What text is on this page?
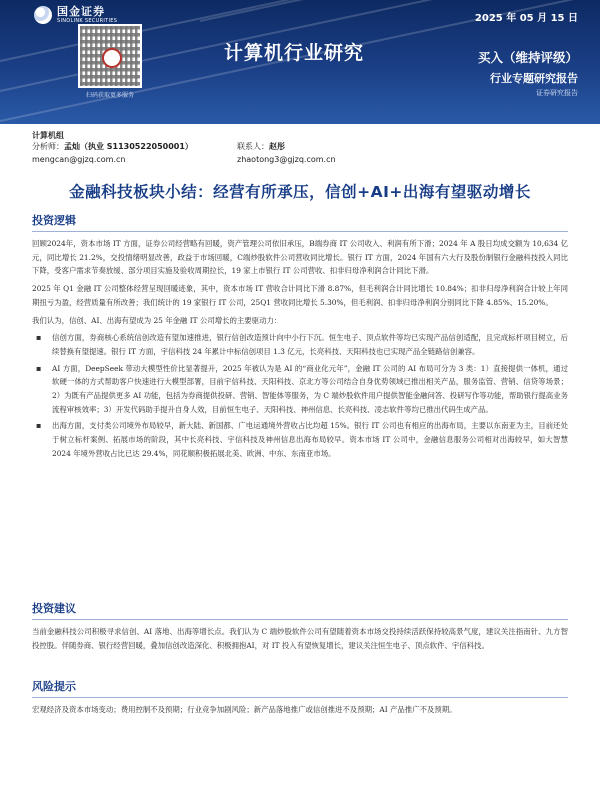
国金证券
SINOLINK SECURITIES
扫码获取更多服务
2025 年 05 月 15 日
计算机行业研究	买入（维持评级）
行业专题研究报告
证券研究报告
计算机组
分析师：孟灿（执业 S1130522050001）
mengcan@gjzq.com.cn
联系人：赵彤
zhaotong3@gjzq.com.cn
金融科技板块小结：经营有所承压，信创+AI+出海有望驱动增长
投资逻辑

回顾2024年，资本市场 IT 方面，证券公司经营略有回暖，资产管理公司依旧承压，B端券商 IT 公司收入、利润有所下滑；2024 年 A 股日均成交额为 10,634 亿元，同比增长 21.2%，交投情绪明显改善，政益于市场回暖，C端炒股软件公司营收同比增长。银行 IT 方面，2024 年国有六大行及股份制银行金融科技投入同比下降，受客户需求节奏放缓、部分项目实施及验收周期拉长，19 家上市银行 IT 公司营收、扣非归母净利润合计同比下滑。

2025 年 Q1 金融 IT 公司整体经营呈现回暖迹象，其中，资本市场 IT 营收合计同比下滑 8.87%，但毛利润合计同比增长 10.84%；扣非归母净利润合计较上年同期扭亏为盈，经营质量有所改善；我们统计的 19 家银行 IT 公司，25Q1 营收同比增长 5.30%，但毛利润、扣非归母净利润分别同比下降 4.85%、15.20%。

我们认为，信创、AI、出海有望成为 25 年金融 IT 公司增长的主要驱动力：

▪ 信创方面，券商核心系统信创改造有望加速推进，银行信创改造预计向中小行下沉。恒生电子、顶点软件等均已实现产品信创适配，且完成标杆项目树立，后续替换有望提速。银行 IT 方面，宇信科技 24 年累计中标信创项目 1.3 亿元，长亮科技、天阳科技也已实现产品全链路信创兼容。
▪ AI 方面，DeepSeek 带动大模型性价比显著提升，2025 年被认为是 AI 的“商业化元年”，金融 IT 公司的 AI 布局可分为 3 类：1）直接提供一体机，通过软硬一体的方式帮助客户快速进行大模型部署，目前宇信科技、天阳科技、京北方等公司结合自身优势领域已推出相关产品，服务监管、营销、信贷等场景；2）为既有产品提供更多 AI 功能，包括为券商提供投研、营销、智能体等服务，为 C 端炒股软件用户提供智能金融问答、投研写作等功能，帮助银行提高业务流程审核效率；3）开发代码助手提升自身人效，目前恒生电子、天阳科技、神州信息、长亮科技、凌志软件等均已推出代码生成产品。
▪ 出海方面，支付类公司境外布局较早，新大陆、新国都、广电运通境外营收占比均超 15%。银行 IT 公司也有相应的出海布局，主要以东南亚为主，目前还处于树立标杆案例、拓展市场的阶段，其中长亮科技、宇信科技及神州信息出海布局较早。资本市场 IT 公司中，金融信息服务公司相对出海较早，如大智慧 2024 年境外营收占比已达 29.4%，同花顺积极拓展北美、欧洲、中东、东南亚市场。
投资建议

当前金融科技公司积极寻求信创、AI 落地、出海等增长点。我们认为 C 端炒股软件公司有望随着资本市场交投持续活跃保持较高景气度，建议关注指南针、九方智投控股。伴随券商、银行经营回暖，叠加信创改造深化、积极拥抱AI，对 IT 投入有望恢复增长，建议关注恒生电子、顶点软件、宇信科技。

风险提示

宏观经济及资本市场变动；费用控制不及预期；行业竞争加剧风险；新产品落地推广或信创推进不及预期；AI 产品推广不及预期。
